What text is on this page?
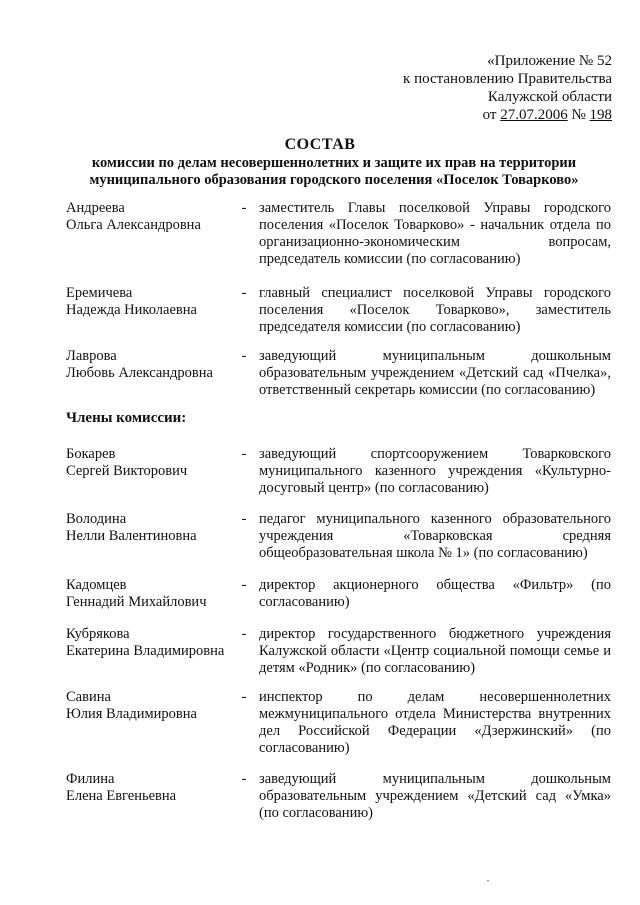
«Приложение № 52
к постановлению Правительства
Калужской области
от 27.07.2006 № 198
СОСТАВ
комиссии по делам несовершеннолетних и защите их прав на территории
муниципального образования городского поселения «Поселок Товарково»
Андреева
Ольга Александровна
- заместитель Главы поселковой Управы городского поселения «Поселок Товарково» - начальник отдела по организационно-экономическим вопросам, председатель комиссии (по согласованию)
Еремичева
Надежда Николаевна
- главный специалист поселковой Управы городского поселения «Поселок Товарково», заместитель председателя комиссии (по согласованию)
Лаврова
Любовь Александровна
- заведующий муниципальным дошкольным образовательным учреждением «Детский сад «Пчелка», ответственный секретарь комиссии (по согласованию)
Члены комиссии:
Бокарев
Сергей Викторович
- заведующий спортсооружением Товарковского муниципального казенного учреждения «Культурно-досуговый центр» (по согласованию)
Володина
Нелли Валентиновна
- педагог муниципального казенного образовательного учреждения «Товарковская средняя общеобразовательная школа № 1» (по согласованию)
Кадомцев
Геннадий Михайлович
- директор акционерного общества «Фильтр» (по согласованию)
Кубрякова
Екатерина Владимировна
- директор государственного бюджетного учреждения Калужской области «Центр социальной помощи семье и детям «Родник» (по согласованию)
Савина
Юлия Владимировна
- инспектор по делам несовершеннолетних межмуниципального отдела Министерства внутренних дел Российской Федерации «Дзержинский» (по согласованию)
Филина
Елена Евгеньевна
- заведующий муниципальным дошкольным образовательным учреждением «Детский сад «Умка» (по согласованию)
